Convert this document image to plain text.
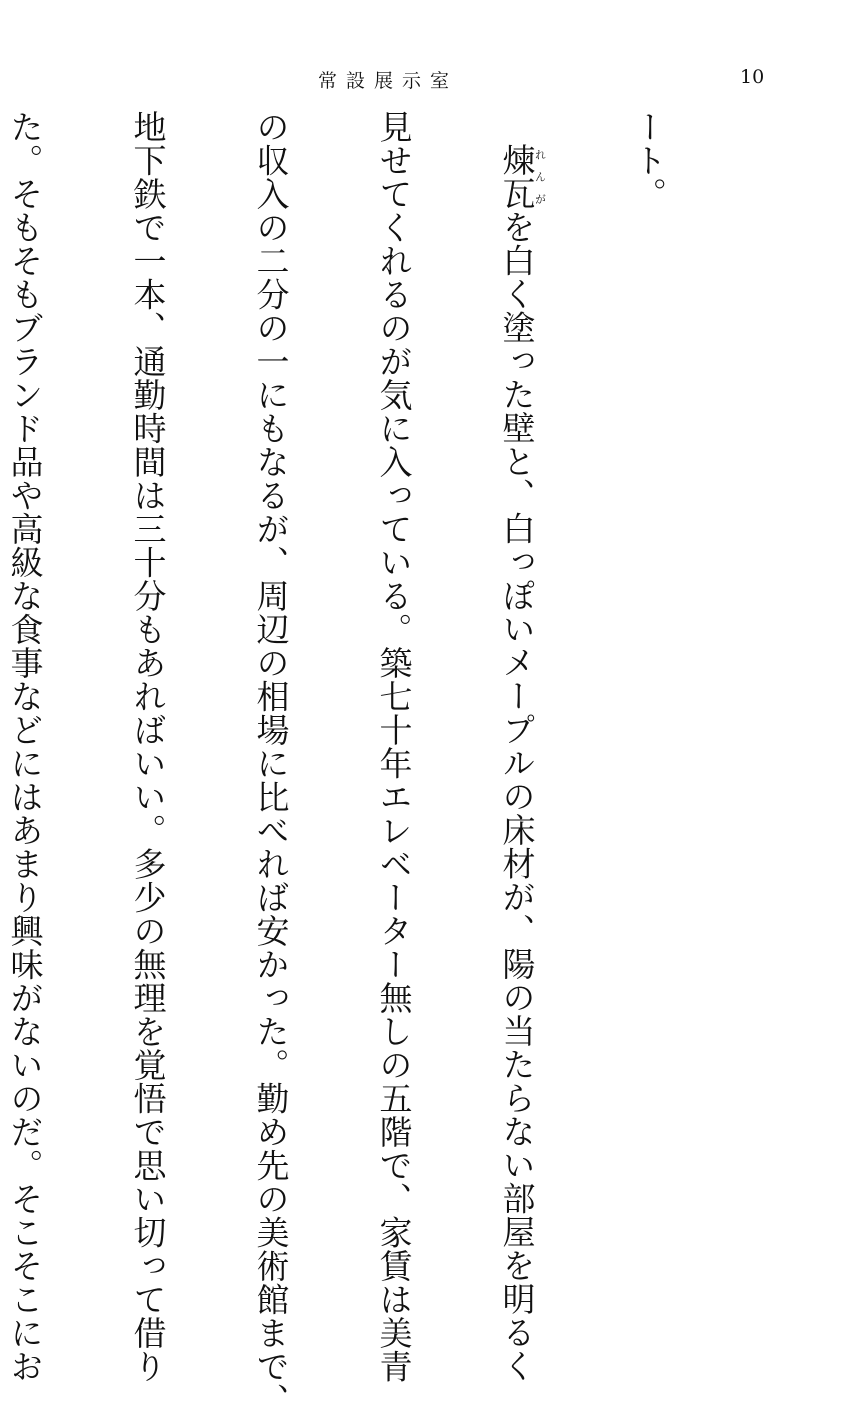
常設展示室	10

ート。

煉瓦れんがを白く塗った壁と、白っぽいメープルの床材が、陽の当たらない部屋を明るく

見せてくれるのが気に入っている。築七十年エレベーター無しの五階で、家賃は美青

の収入の二分の一にもなるが、周辺の相場に比べれば安かった。勤め先の美術館まで、

地下鉄で一本、通勤時間は三十分もあればいい。多少の無理を覚悟で思い切って借り

た。そもそもブランド品や高級な食事などにはあまり興味がないのだ。そこそこにお
